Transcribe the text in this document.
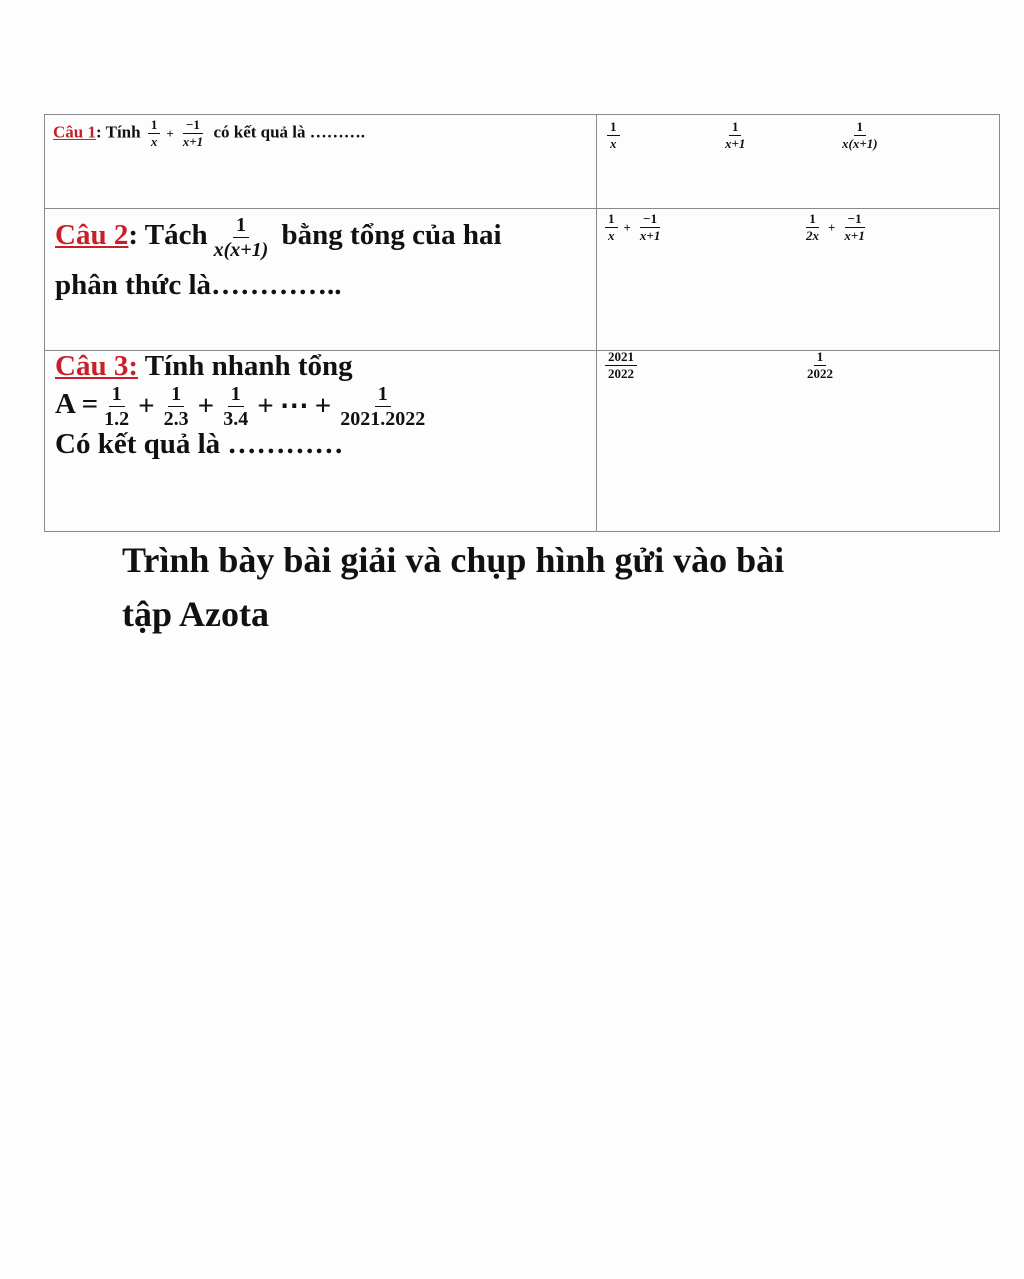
Câu 1: Tính $\frac{1}{x} + \frac{-1}{x+1}$ có kết quả là ……….	$\frac{1}{x}$	$\frac{1}{x+1}$	$\frac{1}{x(x+1)}$
Câu 2: Tách $\frac{1}{x(x+1)}$ bằng tổng của hai
phân thức là…………..
$\frac{1}{x} + \frac{-1}{x+1}$	$\frac{1}{2x} + \frac{-1}{x+1}$
Câu 3: Tính nhanh tổng
$A = \frac{1}{1.2} + \frac{1}{2.3} + \frac{1}{3.4}$ + ⋯ + $\frac{1}{2021.2022}$
Có kết quả là …………
$\frac{2021}{2022}$	$\frac{1}{2022}$
Trình bày bài giải và chụp hình gửi vào bài
tập Azota
